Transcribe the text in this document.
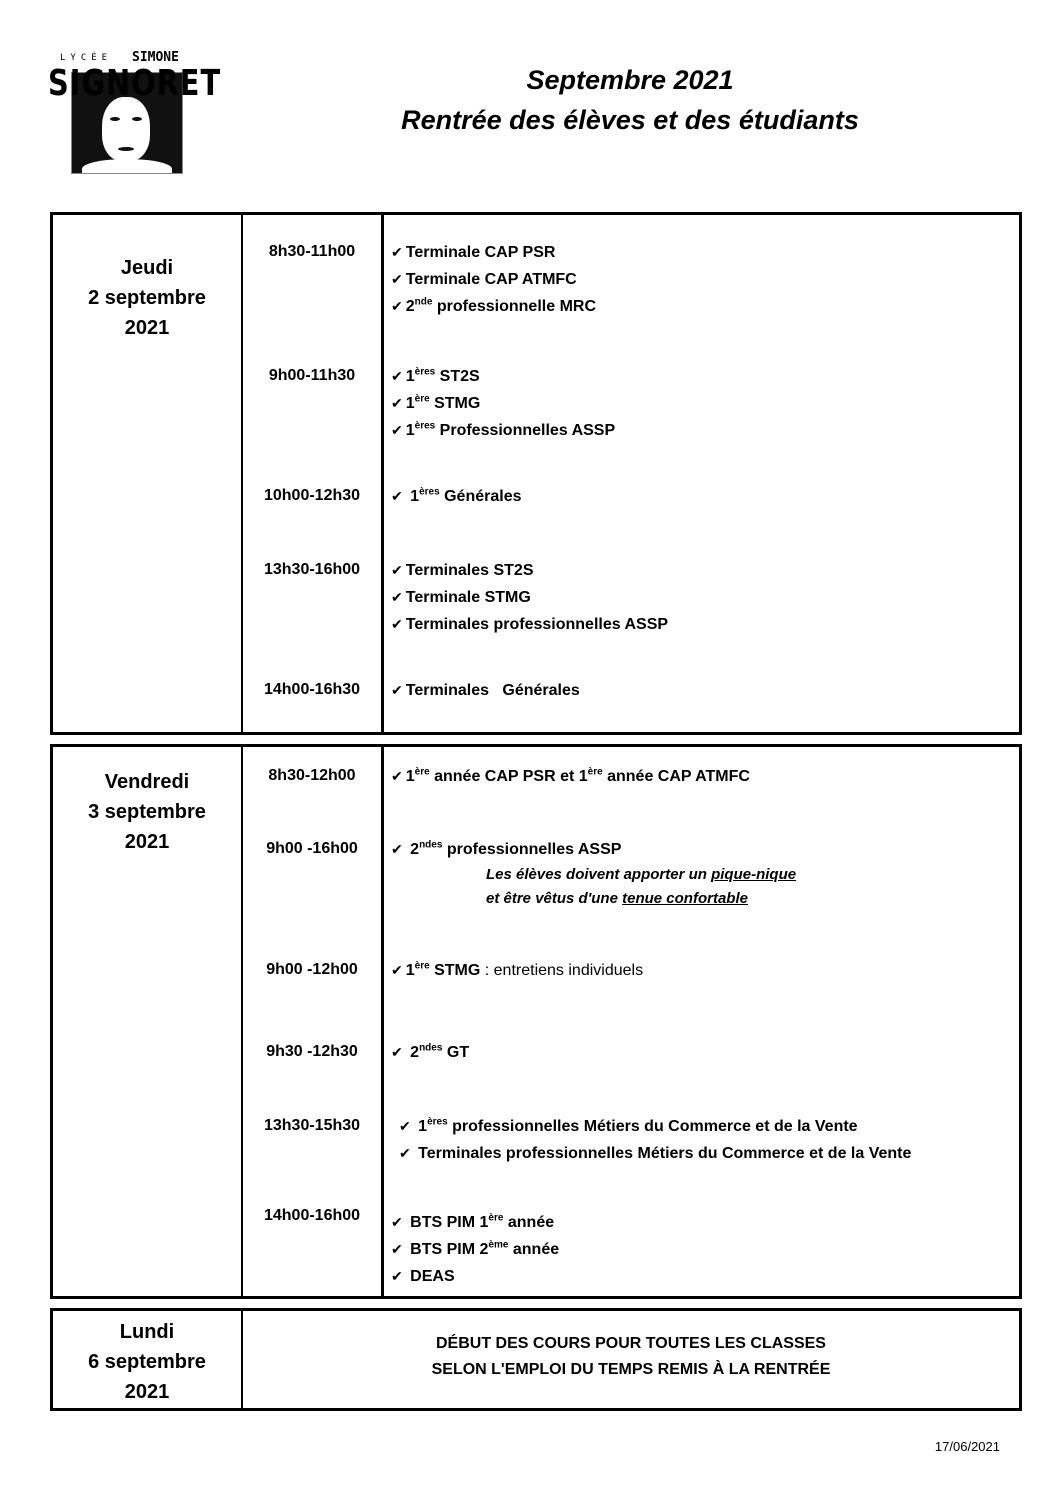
LYCÉE SIMONE
SIGNORET	Septembre 2021
Rentrée des élèves et des étudiants
Jeudi
2 septembre
2021

8h30-11h00	✔ Terminale CAP PSR
✔ Terminale CAP ATMFC
✔ 2nde professionnelle MRC
9h00-11h30	✔ 1ères ST2S
✔ 1ère STMG
✔ 1ères Professionnelles ASSP
10h00-12h30	✔ 1ères Générales
13h30-16h00	✔ Terminales ST2S
✔ Terminale STMG
✔ Terminales professionnelles ASSP
14h00-16h30	✔ Terminales   Générales
Vendredi
3 septembre
2021

8h30-12h00	✔ 1ère année CAP PSR et 1ère année CAP ATMFC
9h00 -16h00	✔ $2^{ndes}$ professionnelles ASSP
Les élèves doivent apporter un pique-nique
et être vêtus d'une tenue confortable
9h00 -12h00	✔ 1ère STMG : entretiens individuels
9h30 -12h30	✔ $2^{ndes}$ GT
13h30-15h30	✔ 1ères professionnelles Métiers du Commerce et de la Vente
✔ Terminales professionnelles Métiers du Commerce et de la Vente
14h00-16h00	✔ BTS PIM 1ère année
✔ BTS PIM 2ème année
✔ DEAS
Lundi
6 septembre
2021

DÉBUT DES COURS POUR TOUTES LES CLASSES
SELON L'EMPLOI DU TEMPS REMIS À LA RENTRÉE
17/06/2021
